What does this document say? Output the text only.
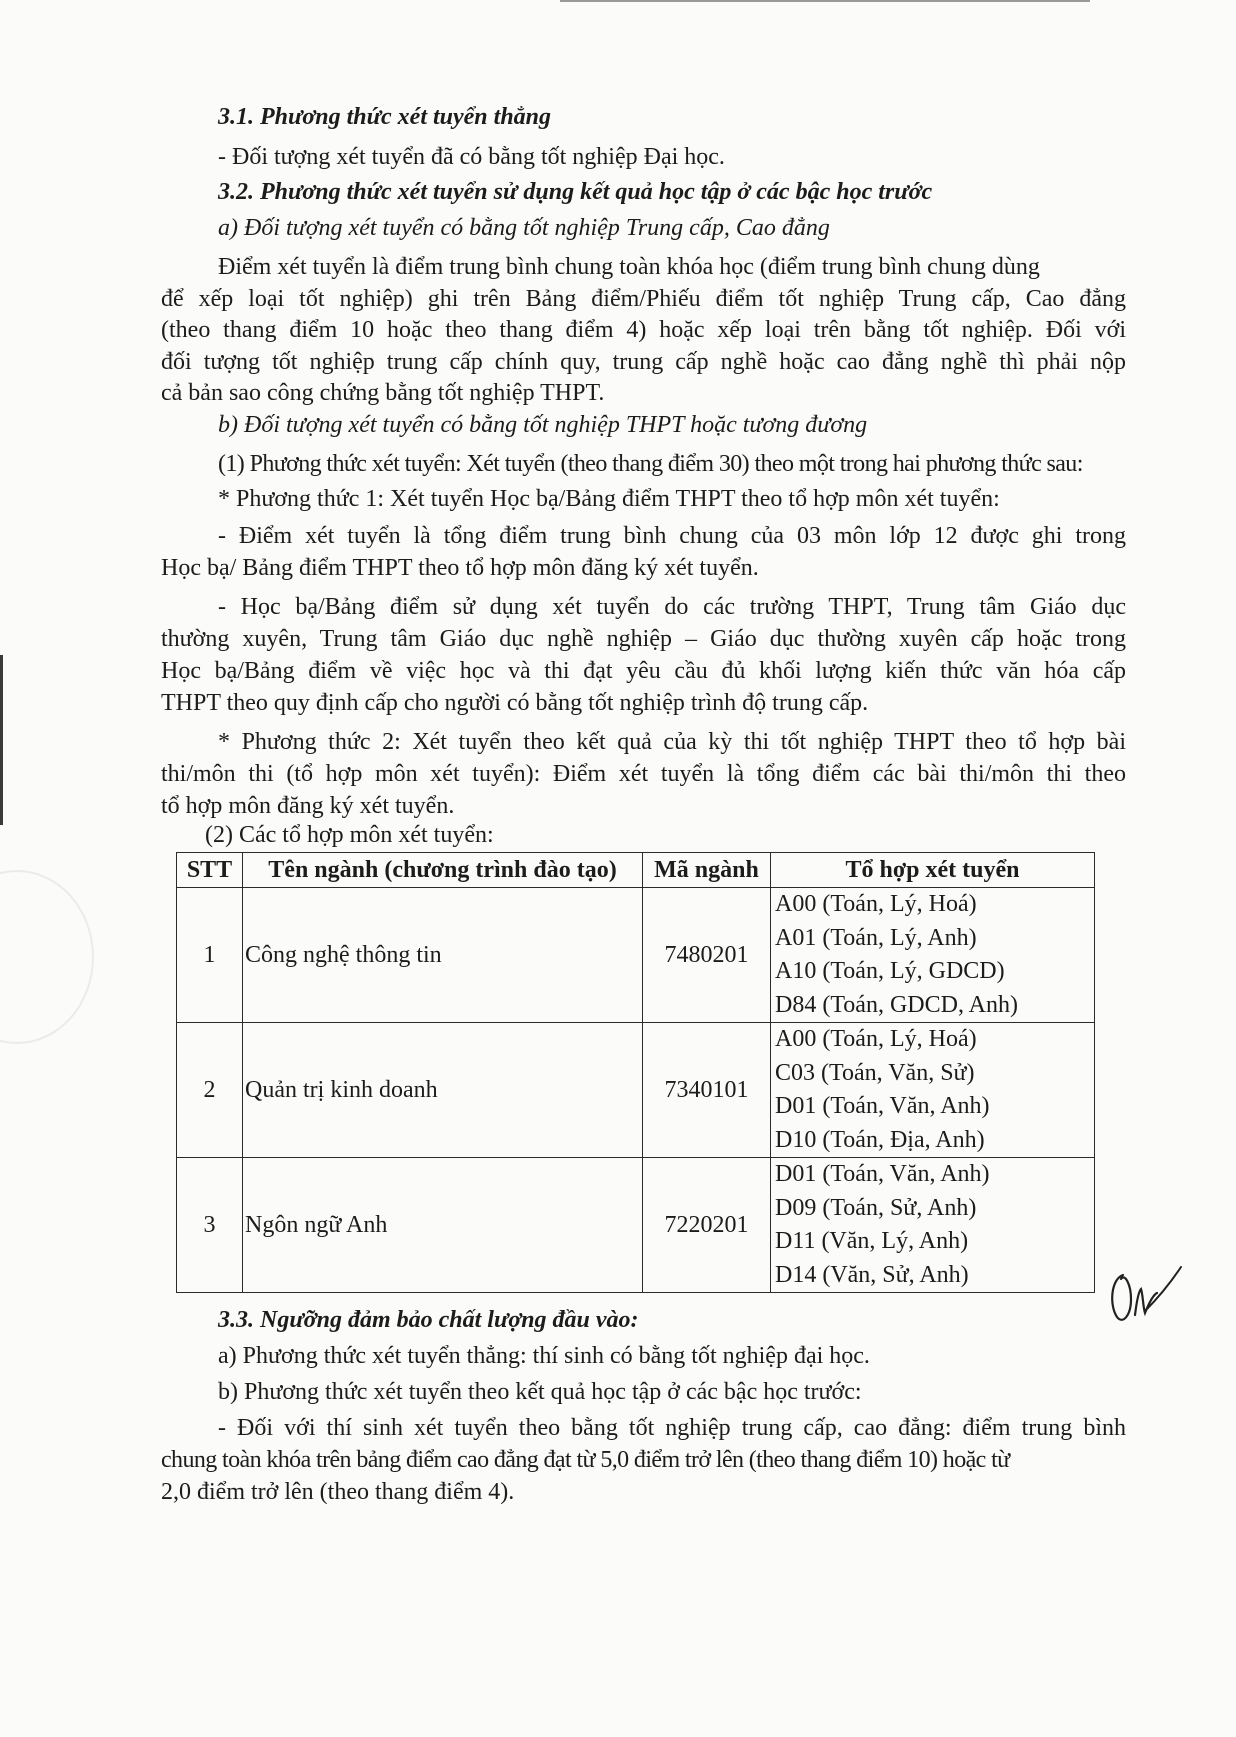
3.1. Phương thức xét tuyển thẳng
- Đối tượng xét tuyển đã có bằng tốt nghiệp Đại học.
3.2. Phương thức xét tuyển sử dụng kết quả học tập ở các bậc học trước
a) Đối tượng xét tuyển có bằng tốt nghiệp Trung cấp, Cao đẳng
Điểm xét tuyển là điểm trung bình chung toàn khóa học (điểm trung bình chung dùng
để xếp loại tốt nghiệp) ghi trên Bảng điểm/Phiếu điểm tốt nghiệp Trung cấp, Cao đẳng
(theo thang điểm 10 hoặc theo thang điểm 4) hoặc xếp loại trên bằng tốt nghiệp. Đối với
đối tượng tốt nghiệp trung cấp chính quy, trung cấp nghề hoặc cao đẳng nghề thì phải nộp
cả bản sao công chứng bằng tốt nghiệp THPT.
b) Đối tượng xét tuyển có bằng tốt nghiệp THPT hoặc tương đương
(1) Phương thức xét tuyển: Xét tuyển (theo thang điểm 30) theo một trong hai phương thức sau:
* Phương thức 1: Xét tuyển Học bạ/Bảng điểm THPT theo tổ hợp môn xét tuyển:
- Điểm xét tuyển là tổng điểm trung bình chung của 03 môn lớp 12 được ghi trong
Học bạ/ Bảng điểm THPT theo tổ hợp môn đăng ký xét tuyển.
- Học bạ/Bảng điểm sử dụng xét tuyển do các trường THPT, Trung tâm Giáo dục
thường xuyên, Trung tâm Giáo dục nghề nghiệp – Giáo dục thường xuyên cấp hoặc trong
Học bạ/Bảng điểm về việc học và thi đạt yêu cầu đủ khối lượng kiến thức văn hóa cấp
THPT theo quy định cấp cho người có bằng tốt nghiệp trình độ trung cấp.
* Phương thức 2: Xét tuyển theo kết quả của kỳ thi tốt nghiệp THPT theo tổ hợp bài
thi/môn thi (tổ hợp môn xét tuyển): Điểm xét tuyển là tổng điểm các bài thi/môn thi theo
tổ hợp môn đăng ký xét tuyển.
(2) Các tổ hợp môn xét tuyển:
STT	Tên ngành (chương trình đào tạo)	Mã ngành	Tổ hợp xét tuyển
1	Công nghệ thông tin	7480201	A00 (Toán, Lý, Hoá)
A01 (Toán, Lý, Anh)
A10 (Toán, Lý, GDCD)
D84 (Toán, GDCD, Anh)

2	Quản trị kinh doanh	7340101	A00 (Toán, Lý, Hoá)
C03 (Toán, Văn, Sử)
D01 (Toán, Văn, Anh)
D10 (Toán, Địa, Anh)

3	Ngôn ngữ Anh	7220201	D01 (Toán, Văn, Anh)
D09 (Toán, Sử, Anh)
D11 (Văn, Lý, Anh)
D14 (Văn, Sử, Anh)
3.3. Ngưỡng đảm bảo chất lượng đầu vào:
a) Phương thức xét tuyển thẳng: thí sinh có bằng tốt nghiệp đại học.
b) Phương thức xét tuyển theo kết quả học tập ở các bậc học trước:
- Đối với thí sinh xét tuyển theo bằng tốt nghiệp trung cấp, cao đẳng: điểm trung bình
chung toàn khóa trên bảng điểm cao đẳng đạt từ 5,0 điểm trở lên (theo thang điểm 10) hoặc từ
2,0 điểm trở lên (theo thang điểm 4).
